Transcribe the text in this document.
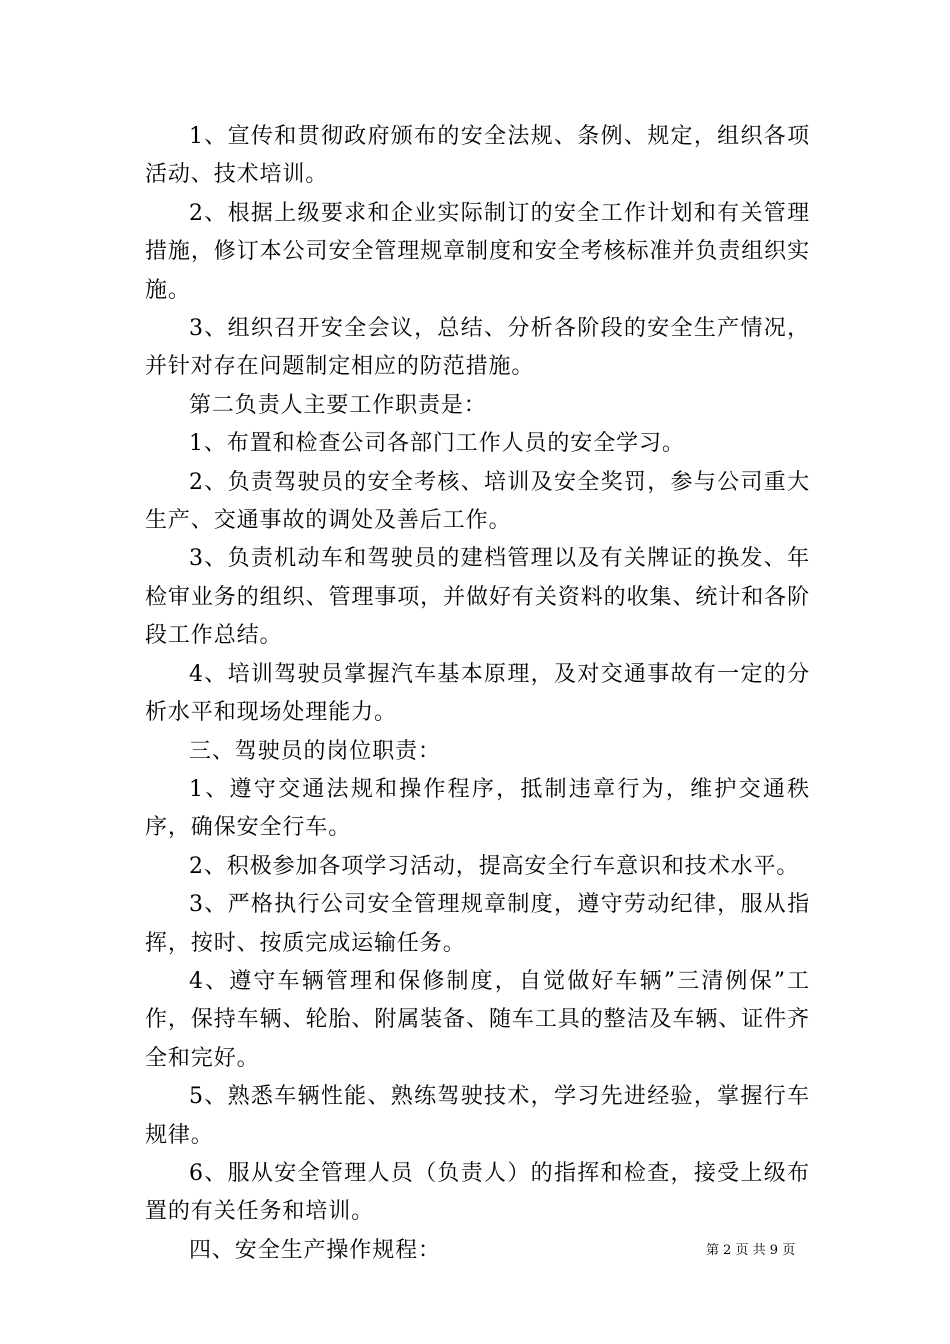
1、宣传和贯彻政府颁布的安全法规、条例、规定，组织各项活动、技术培训。

2、根据上级要求和企业实际制订的安全工作计划和有关管理措施，修订本公司安全管理规章制度和安全考核标准并负责组织实施。

3、组织召开安全会议，总结、分析各阶段的安全生产情况，并针对存在问题制定相应的防范措施。

第二负责人主要工作职责是：

1、布置和检查公司各部门工作人员的安全学习。

2、负责驾驶员的安全考核、培训及安全奖罚，参与公司重大生产、交通事故的调处及善后工作。

3、负责机动车和驾驶员的建档管理以及有关牌证的换发、年检审业务的组织、管理事项，并做好有关资料的收集、统计和各阶段工作总结。

4、培训驾驶员掌握汽车基本原理，及对交通事故有一定的分析水平和现场处理能力。

三、驾驶员的岗位职责：

1、遵守交通法规和操作程序，抵制违章行为，维护交通秩序，确保安全行车。

2、积极参加各项学习活动，提高安全行车意识和技术水平。

3、严格执行公司安全管理规章制度，遵守劳动纪律，服从指挥，按时、按质完成运输任务。

4、遵守车辆管理和保修制度，自觉做好车辆”三清例保”工作，保持车辆、轮胎、附属装备、随车工具的整洁及车辆、证件齐全和完好。

5、熟悉车辆性能、熟练驾驶技术，学习先进经验，掌握行车规律。

6、服从安全管理人员（负责人）的指挥和检查，接受上级布置的有关任务和培训。

四、安全生产操作规程：	第 2 页 共 9 页
